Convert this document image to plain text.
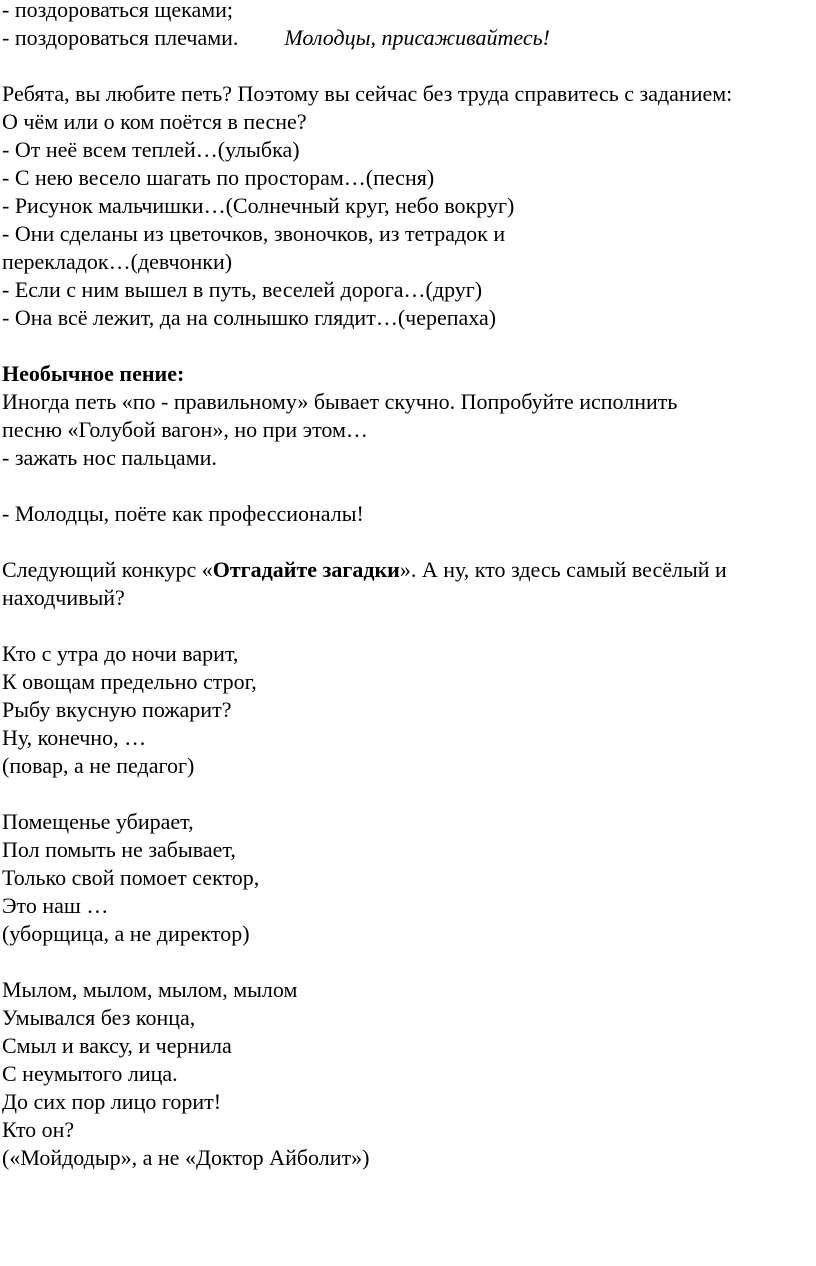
- поздороваться щеками;
- поздороваться плечами. Молодцы, присаживайтесь!
Ребята, вы любите петь? Поэтому вы сейчас без труда справитесь с заданием:
О чём или о ком поётся в песне?
- От неё всем теплей…(улыбка)
- С нею весело шагать по просторам…(песня)
- Рисунок мальчишки…(Солнечный круг, небо вокруг)
- Они сделаны из цветочков, звоночков, из тетрадок и
перекладок…(девчонки)
- Если с ним вышел в путь, веселей дорога…(друг)
- Она всё лежит, да на солнышко глядит…(черепаха)
Необычное пение:
Иногда петь «по - правильному» бывает скучно. Попробуйте исполнить
песню «Голубой вагон», но при этом…
- зажать нос пальцами.
- Молодцы, поёте как профессионалы!
Следующий конкурс «Отгадайте загадки». А ну, кто здесь самый весёлый и
находчивый?
Кто с утра до ночи варит,
К овощам предельно строг,
Рыбу вкусную пожарит?
Ну, конечно, …
(повар, а не педагог)
Помещенье убирает,
Пол помыть не забывает,
Только свой помоет сектор,
Это наш …
(уборщица, а не директор)
Мылом, мылом, мылом, мылом
Умывался без конца,
Смыл и ваксу, и чернила
С неумытого лица.
До сих пор лицо горит!
Кто он?
(«Мойдодыр», а не «Доктор Айболит»)
